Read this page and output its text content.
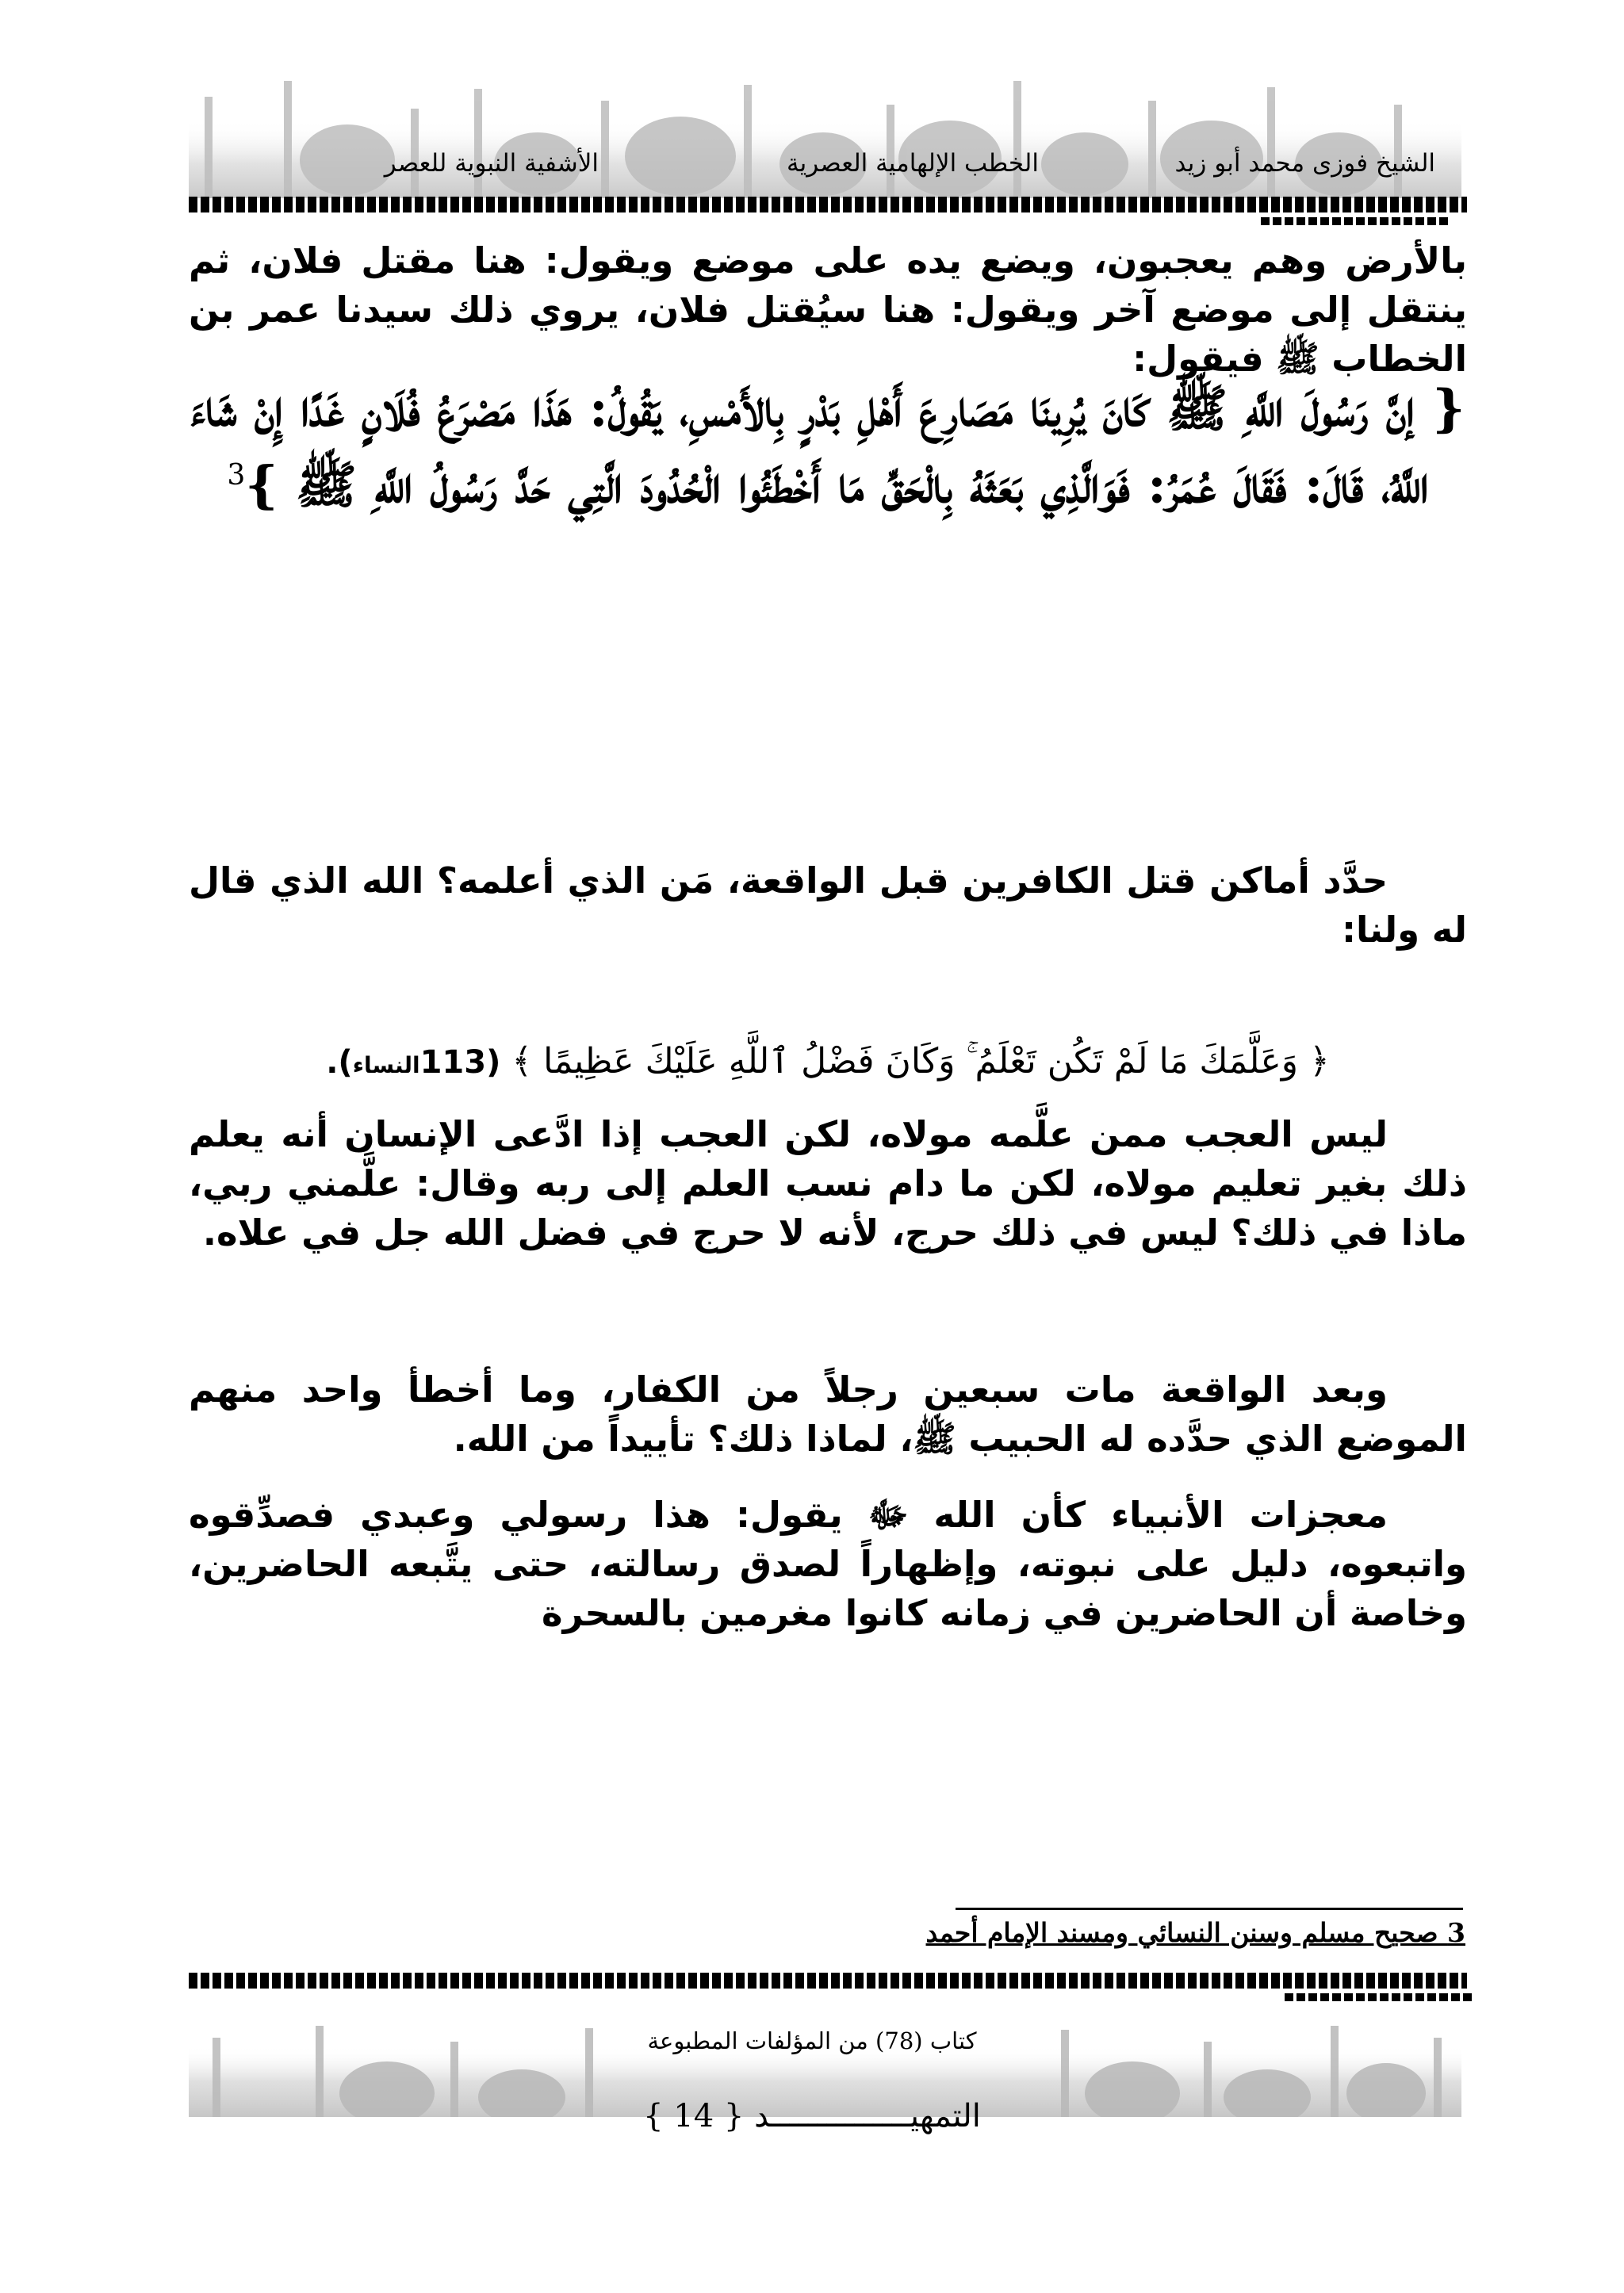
الشيخ فوزى محمد أبو زيد
الخطب الإلهامية العصرية
الأشفية النبوية للعصر

بالأرض وهم يعجبون، ويضع يده على موضع ويقول: هنا مقتل فلان، ثم ينتقل إلى موضع آخر ويقول: هنا سيُقتل فلان، يروي ذلك سيدنا عمر بن الخطاب ﷺ فيقول:

{ إنَّ رَسُولَ اللَّهِ ﷺ كَانَ يُرِينَا مَصَارِعَ أَهْلِ بَدْرٍ بِالأَمْسِ، يَقُولُ: هَذَا مَصْرَعُ فُلَانٍ غَدًا إِنْ شَاءَ اللَّهُ، قَالَ: فَقَالَ عُمَرُ: فَوَالَّذِي بَعَثَهُ بِالْحَقِّ مَا أَخْطَئُوا الْحُدُودَ الَّتِي حَدَّ رَسُولُ اللَّهِ ﷺ }$^3$

حدَّد أماكن قتل الكافرين قبل الواقعة، مَن الذي أعلمه؟ الله الذي قال له ولنا:

﴿ وَعَلَّمَكَ مَا لَمْ تَكُن تَعْلَمُ ۚ وَكَانَ فَضْلُ ٱللَّهِ عَلَيْكَ عَظِيمًا ﴾ (113النساء).

ليس العجب ممن علَّمه مولاه، لكن العجب إذا ادَّعى الإنسان أنه يعلم ذلك بغير تعليم مولاه، لكن ما دام نسب العلم إلى ربه وقال: علَّمني ربي، ماذا في ذلك؟ ليس في ذلك حرج، لأنه لا حرج في فضل الله جل في علاه.

وبعد الواقعة مات سبعين رجلاً من الكفار، وما أخطأ واحد منهم الموضع الذي حدَّده له الحبيب ﷺ، لماذا ذلك؟ تأييداً من الله.

معجزات الأنبياء كأن الله ﷻ يقول: هذا رسولي وعبدي فصدِّقوه واتبعوه، دليل على نبوته، وإظهاراً لصدق رسالته، حتى يتَّبعه الحاضرين، وخاصة أن الحاضرين في زمانه كانوا مغرمين بالسحرة

3 صحيح مسلم وسنن النسائي ومسند الإمام أحمد
كتاب (78) من المؤلفات المطبوعة
التمهيـــــــــــــــد { 14 }
